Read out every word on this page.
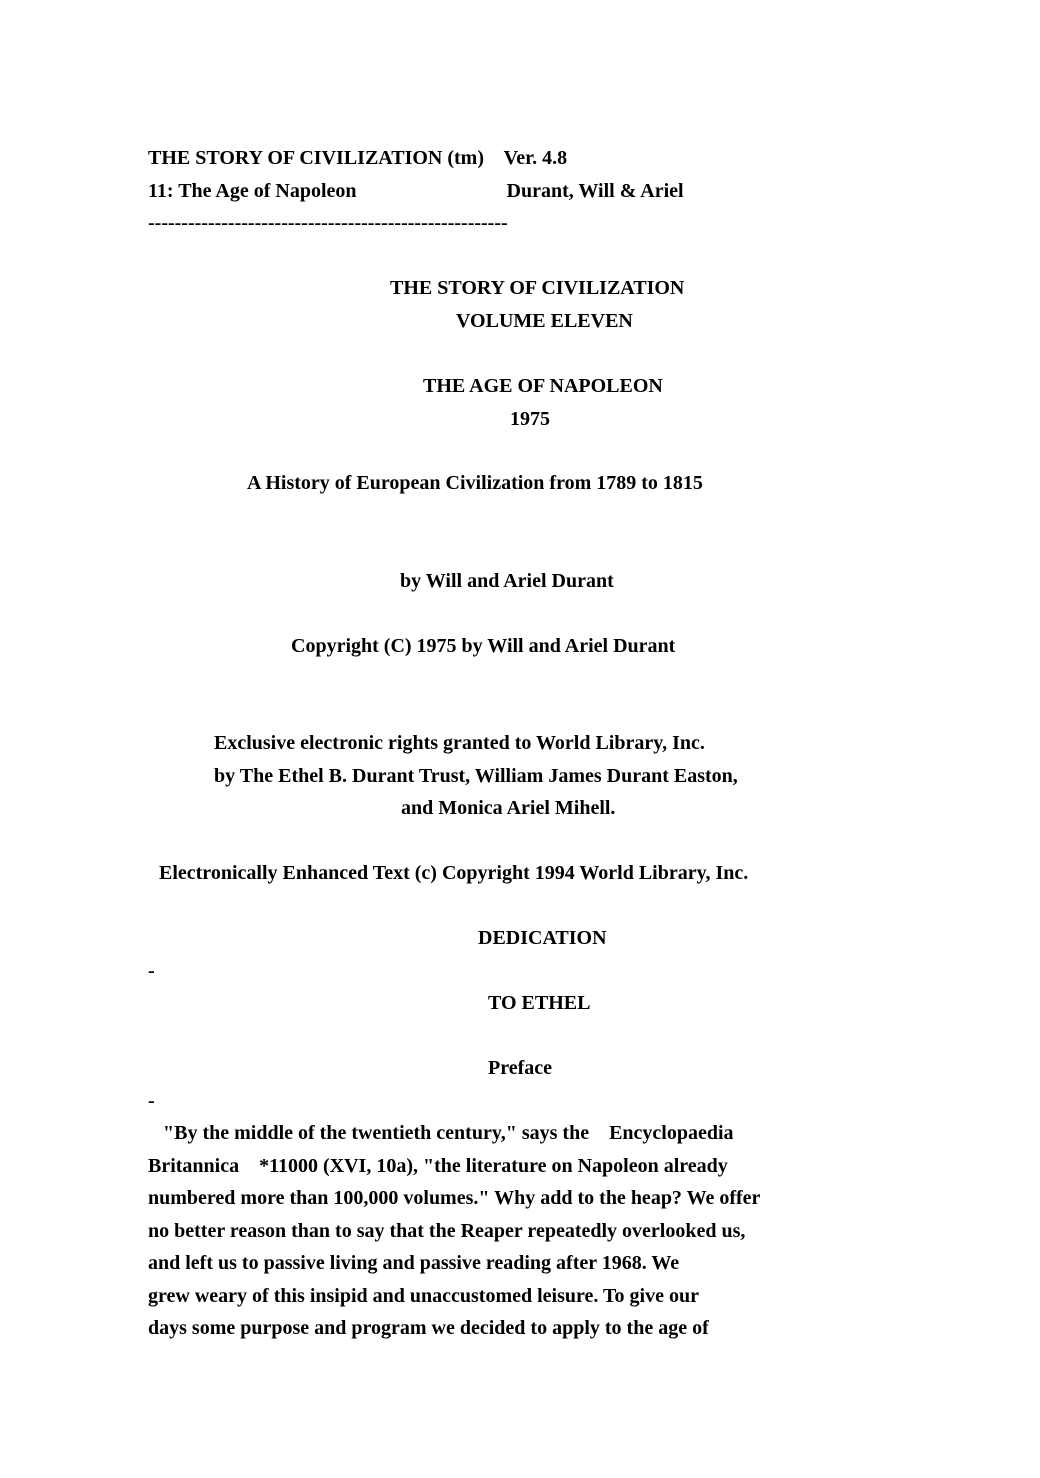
THE STORY OF CIVILIZATION (tm)    Ver. 4.8

11: The Age of Napoleon                              Durant, Will & Ariel

------------------------------------------------------

THE STORY OF CIVILIZATION

VOLUME ELEVEN

THE AGE OF NAPOLEON

1975

A History of European Civilization from 1789 to 1815

by Will and Ariel Durant

Copyright (C) 1975 by Will and Ariel Durant

Exclusive electronic rights granted to World Library, Inc.

by The Ethel B. Durant Trust, William James Durant Easton,

and Monica Ariel Mihell.

Electronically Enhanced Text (c) Copyright 1994 World Library, Inc.

DEDICATION

-

TO ETHEL

Preface

-

"By the middle of the twentieth century," says the    Encyclopaedia

Britannica    *11000 (XVI, 10a), "the literature on Napoleon already

numbered more than 100,000 volumes." Why add to the heap? We offer

no better reason than to say that the Reaper repeatedly overlooked us,

and left us to passive living and passive reading after 1968. We

grew weary of this insipid and unaccustomed leisure. To give our

days some purpose and program we decided to apply to the age of
